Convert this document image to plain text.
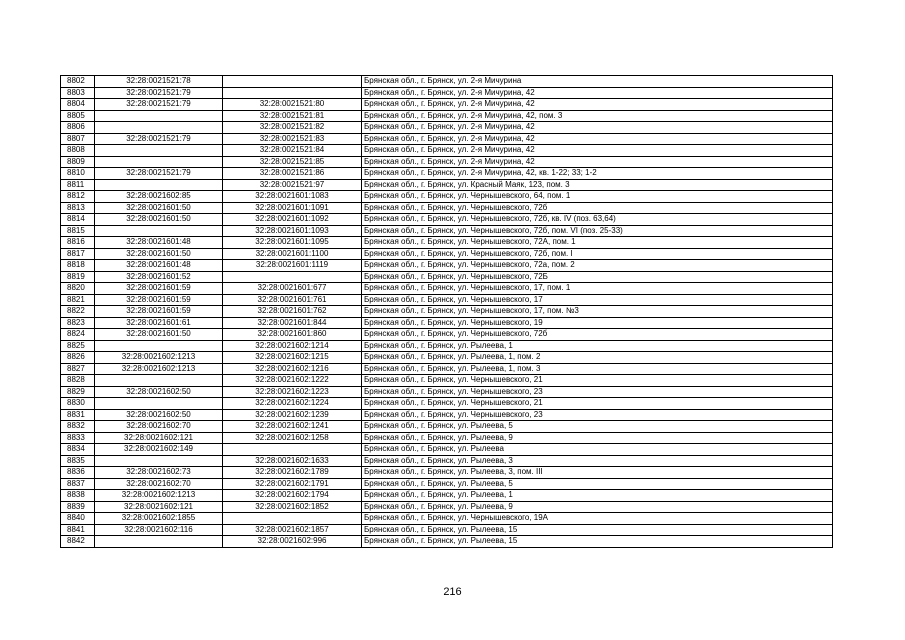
8802	32:28:0021521:78		Брянская обл., г. Брянск, ул. 2-я Мичурина
8803	32:28:0021521:79		Брянская обл., г. Брянск, ул. 2-я Мичурина, 42
8804	32:28:0021521:79	32:28:0021521:80	Брянская обл., г. Брянск, ул. 2-я Мичурина, 42
8805		32:28:0021521:81	Брянская обл., г. Брянск, ул. 2-я Мичурина, 42, пом. 3
8806		32:28:0021521:82	Брянская обл., г. Брянск, ул. 2-я Мичурина, 42
8807	32:28:0021521:79	32:28:0021521:83	Брянская обл., г. Брянск, ул. 2-я Мичурина, 42
8808		32:28:0021521:84	Брянская обл., г. Брянск, ул. 2-я Мичурина, 42
8809		32:28:0021521:85	Брянская обл., г. Брянск, ул. 2-я Мичурина, 42
8810	32:28:0021521:79	32:28:0021521:86	Брянская обл., г. Брянск, ул. 2-я Мичурина, 42, кв. 1-22; 33; 1-2
8811		32:28:0021521:97	Брянская обл., г. Брянск, ул. Красный Маяк, 123, пом. 3
8812	32:28:0021602:85	32:28:0021601:1083	Брянская обл., г. Брянск, ул. Чернышевского, 64, пом. 1
8813	32:28:0021601:50	32:28:0021601:1091	Брянская обл., г. Брянск, ул. Чернышевского, 72б
8814	32:28:0021601:50	32:28:0021601:1092	Брянская обл., г. Брянск, ул. Чернышевского, 72б, кв. IV (поз. 63,64)
8815		32:28:0021601:1093	Брянская обл., г. Брянск, ул. Чернышевского, 72б, пом. VI (поз. 25-33)
8816	32:28:0021601:48	32:28:0021601:1095	Брянская обл., г. Брянск, ул. Чернышевского, 72А, пом. 1
8817	32:28:0021601:50	32:28:0021601:1100	Брянская обл., г. Брянск, ул. Чернышевского, 72б, пом. I
8818	32:28:0021601:48	32:28:0021601:1119	Брянская обл., г. Брянск, ул. Чернышевского, 72а, пом. 2
8819	32:28:0021601:52		Брянская обл., г. Брянск, ул. Чернышевского, 72Б
8820	32:28:0021601:59	32:28:0021601:677	Брянская обл., г. Брянск, ул. Чернышевского, 17, пом. 1
8821	32:28:0021601:59	32:28:0021601:761	Брянская обл., г. Брянск, ул. Чернышевского, 17
8822	32:28:0021601:59	32:28:0021601:762	Брянская обл., г. Брянск, ул. Чернышевского, 17, пом. №3
8823	32:28:0021601:61	32:28:0021601:844	Брянская обл., г. Брянск, ул. Чернышевского, 19
8824	32:28:0021601:50	32:28:0021601:860	Брянская обл., г. Брянск, ул. Чернышевского, 72б
8825		32:28:0021602:1214	Брянская обл., г. Брянск, ул. Рылеева, 1
8826	32:28:0021602:1213	32:28:0021602:1215	Брянская обл., г. Брянск, ул. Рылеева, 1, пом. 2
8827	32:28:0021602:1213	32:28:0021602:1216	Брянская обл., г. Брянск, ул. Рылеева, 1, пом. 3
8828		32:28:0021602:1222	Брянская обл., г. Брянск, ул. Чернышевского, 21
8829	32:28:0021602:50	32:28:0021602:1223	Брянская обл., г. Брянск, ул. Чернышевского, 23
8830		32:28:0021602:1224	Брянская обл., г. Брянск, ул. Чернышевского, 21
8831	32:28:0021602:50	32:28:0021602:1239	Брянская обл., г. Брянск, ул. Чернышевского, 23
8832	32:28:0021602:70	32:28:0021602:1241	Брянская обл., г. Брянск, ул. Рылеева, 5
8833	32:28:0021602:121	32:28:0021602:1258	Брянская обл., г. Брянск, ул. Рылеева, 9
8834	32:28:0021602:149		Брянская обл., г. Брянск, ул. Рылеева
8835		32:28:0021602:1633	Брянская обл., г. Брянск, ул. Рылеева, 3
8836	32:28:0021602:73	32:28:0021602:1789	Брянская обл., г. Брянск, ул. Рылеева, 3, пом. III
8837	32:28:0021602:70	32:28:0021602:1791	Брянская обл., г. Брянск, ул. Рылеева, 5
8838	32:28:0021602:1213	32:28:0021602:1794	Брянская обл., г. Брянск, ул. Рылеева, 1
8839	32:28:0021602:121	32:28:0021602:1852	Брянская обл., г. Брянск, ул. Рылеева, 9
8840	32:28:0021602:1855		Брянская обл., г. Брянск, ул. Чернышевского, 19А
8841	32:28:0021602:116	32:28:0021602:1857	Брянская обл., г. Брянск, ул. Рылеева, 15
8842		32:28:0021602:996	Брянская обл., г. Брянск, ул. Рылеева, 15
216
